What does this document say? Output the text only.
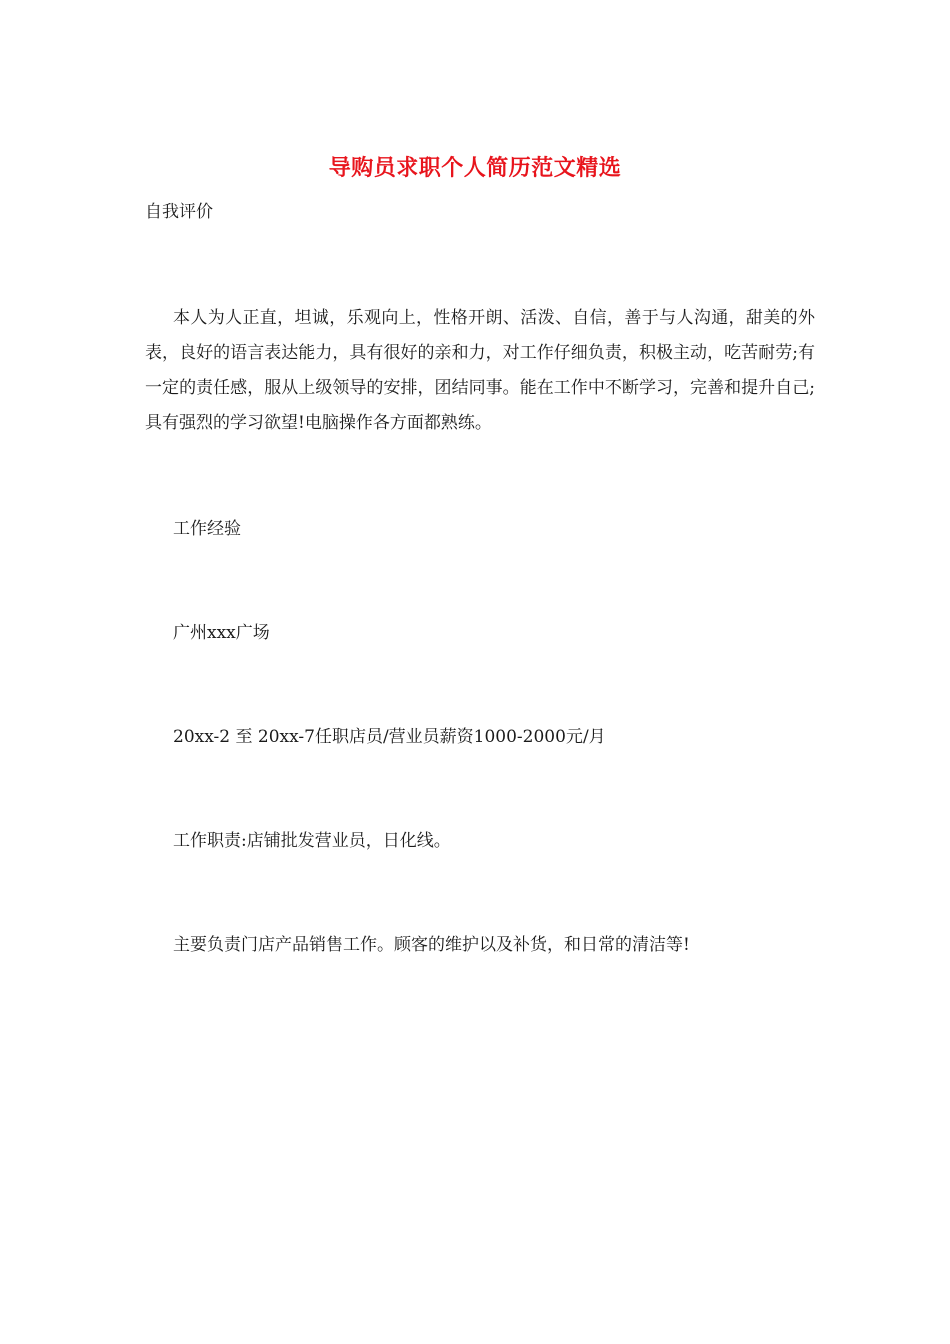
导购员求职个人简历范文精选
自我评价
本人为人正直，坦诚，乐观向上，性格开朗、活泼、自信，善于与人沟通，甜美的外表，良好的语言表达能力，具有很好的亲和力，对工作仔细负责，积极主动，吃苦耐劳;有一定的责任感，服从上级领导的安排，团结同事。能在工作中不断学习，完善和提升自己;具有强烈的学习欲望!电脑操作各方面都熟练。
工作经验
广州xxx广场
20xx-2 至 20xx-7任职店员/营业员薪资1000-2000元/月
工作职责:店铺批发营业员，日化线。
主要负责门店产品销售工作。顾客的维护以及补货，和日常的清洁等!
